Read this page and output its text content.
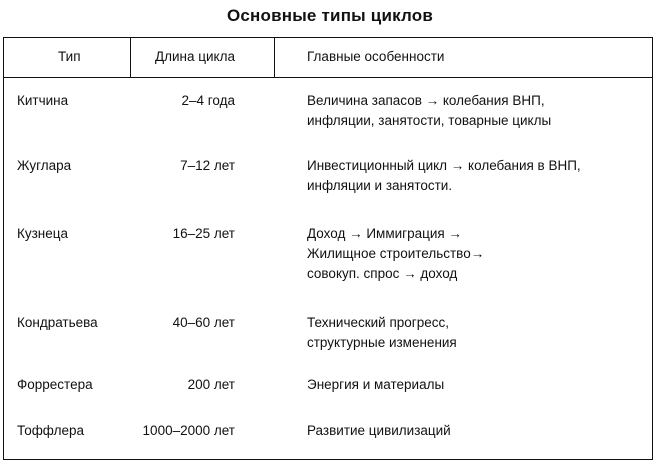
Основные типы циклов
Тип	Длина цикла	Главные особенности
Китчина	2–4 года	Величина запасов → колебания ВНП,
инфляции, занятости, товарные циклы
Жуглара	7–12 лет	Инвестиционный цикл → колебания в ВНП,
инфляции и занятости.
Кузнеца	16–25 лет	Доход → Иммиграция →
Жилищное строительство→
совокуп. спрос → доход
Кондратьева	40–60 лет	Технический прогресс,
структурные изменения
Форрестера	200 лет	Энергия и материалы
Тоффлера	1000–2000 лет	Развитие цивилизаций
